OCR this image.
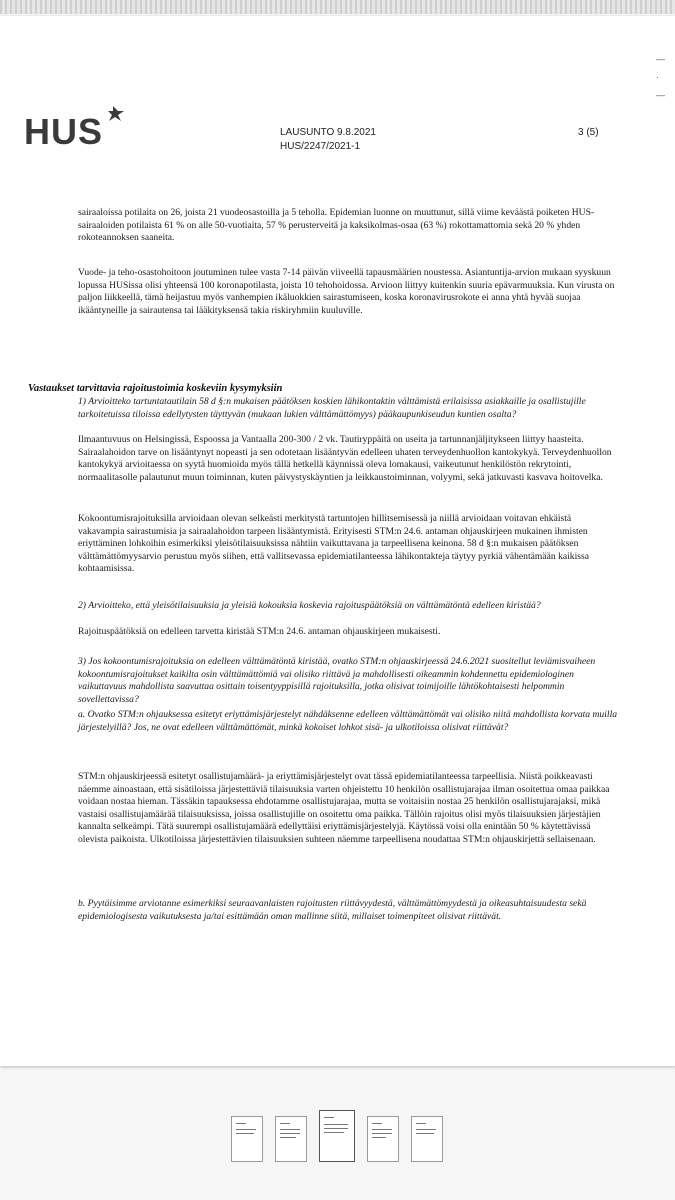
HUS	LAUSUNTO 9.8.2021
HUS/2247/2021-1
3 (5)
—
·
—
sairaaloissa potilaita on 26, joista 21 vuodeosastoilla ja 5 teholla. Epidemian luonne on muuttunut, sillä viime keväästä poiketen HUS-sairaaloiden potilaista 61 % on alle 50-vuotiaita, 57 % perusterveitä ja kaksikolmas-osaa (63 %) rokottamattomia sekä 20 % yhden rokoteannoksen saaneita.
Vuode- ja teho-osastohoitoon joutuminen tulee vasta 7-14 päivän viiveellä tapausmäärien noustessa. Asiantuntija-arvion mukaan syyskuun lopussa HUSissa olisi yhteensä 100 koronapotilasta, joista 10 tehohoidossa. Arvioon liittyy kuitenkin suuria epävarmuuksia. Kun virusta on paljon liikkeellä, tämä heijastuu myös vanhempien ikäluokkien sairastumiseen, koska koronavirusrokote ei anna yhtä hyvää suojaa ikääntyneille ja sairautensa tai lääkityksensä takia riskiryhmiin kuuluville.
Vastaukset tarvittavia rajoitustoimia koskeviin kysymyksiin
1) Arvioitteko tartuntatautilain 58 d §:n mukaisen päätöksen koskien lähikontaktin välttämistä erilaisissa asiakkaille ja osallistujille tarkoitetuissa tiloissa edellytysten täyttyvän (mukaan lukien välttämättömyys) pääkaupunkiseudun kuntien osalta?
Ilmaantuvuus on Helsingissä, Espoossa ja Vantaalla 200-300 / 2 vk. Tautiryppäitä on useita ja tartunnanjäljitykseen liittyy haasteita. Sairaalahoidon tarve on lisääntynyt nopeasti ja sen odotetaan lisääntyvän edelleen uhaten terveydenhuollon kantokykyä. Terveydenhuollon kantokykyä arvioitaessa on syytä huomioida myös tällä hetkellä käynnissä oleva lomakausi, vaikeutunut henkilöstön rekrytointi, normaalitasolle palautunut muun toiminnan, kuten päivystyskäyntien ja leikkaustoiminnan, volyymi, sekä jatkuvasti kasvava hoitovelka.
Kokoontumisrajoituksilla arvioidaan olevan selkeästi merkitystä tartuntojen hillitsemisessä ja niillä arvioidaan voitavan ehkäistä vakavampia sairastumisia ja sairaalahoidon tarpeen lisääntymistä. Erityisesti STM:n 24.6. antaman ohjauskirjeen mukainen ihmisten eriyttäminen lohkoihin esimerkiksi yleisötilaisuuksissa nähtiin vaikuttavana ja tarpeellisena keinona. 58 d §:n mukaisen päätöksen välttämättömyysarvio perustuu myös siihen, että vallitsevassa epidemiatilanteessa lähikontakteja täytyy pyrkiä vähentämään kaikissa kohtaamisissa.
2) Arvioitteko, että yleisötilaisuuksia ja yleisiä kokouksia koskevia rajoituspäätöksiä on välttämätöntä edelleen kiristää?
Rajoituspäätöksiä on edelleen tarvetta kiristää STM:n 24.6. antaman ohjauskirjeen mukaisesti.
3) Jos kokoontumisrajoituksia on edelleen välttämätöntä kiristää, ovatko STM:n ohjauskirjeessä 24.6.2021 suositellut leviämisvaiheen kokoontumisrajoitukset kaikilta osin välttämättömiä vai olisiko riittävä ja mahdollisesti oikeammin kohdennettu epidemiologinen vaikuttavuus mahdollista saavuttaa osittain toisentyyppisillä rajoituksilla, jotka olisivat toimijoille lähtökohtaisesti helpommin sovellettavissa?
a. Ovatko STM:n ohjauksessa esitetyt eriyttämisjärjestelyt nähdäksenne edelleen välttämättömät vai olisiko niitä mahdollista korvata muilla järjestelyillä? Jos, ne ovat edelleen välttämättömät, minkä kokoiset lohkot sisä- ja ulkotiloissa olisivat riittävät?
STM:n ohjauskirjeessä esitetyt osallistujamäärä- ja eriyttämisjärjestelyt ovat tässä epidemiatilanteessa tarpeellisia. Niistä poikkeavasti näemme ainoastaan, että sisätiloissa järjestettäviä tilaisuuksia varten ohjeistettu 10 henkilön osallistujarajaa ilman osoitettua omaa paikkaa voidaan nostaa hieman. Tässäkin tapauksessa ehdotamme osallistujarajaa, mutta se voitaisiin nostaa 25 henkilön osallistujarajaksi, mikä vastaisi osallistujamäärää tilaisuuksissa, joissa osallistujille on osoitettu oma paikka. Tällöin rajoitus olisi myös tilaisuuksien järjestäjien kannalta selkeämpi. Tätä suurempi osallistujamäärä edellyttäisi eriyttämisjärjestelyjä. Käytössä voisi olla enintään 50 % käytettävissä olevista paikoista. Ulkotiloissa järjestettävien tilaisuuksien suhteen näemme tarpeellisena noudattaa STM:n ohjauskirjettä sellaisenaan.
b. Pyytäisimme arviotanne esimerkiksi seuraavanlaisten rajoitusten riittävyydestä, välttämättömyydestä ja oikeasuhtaisuudesta sekä epidemiologisesta vaikutuksesta ja/tai esittämään oman mallinne siitä, millaiset toimenpiteet olisivat riittävät.
